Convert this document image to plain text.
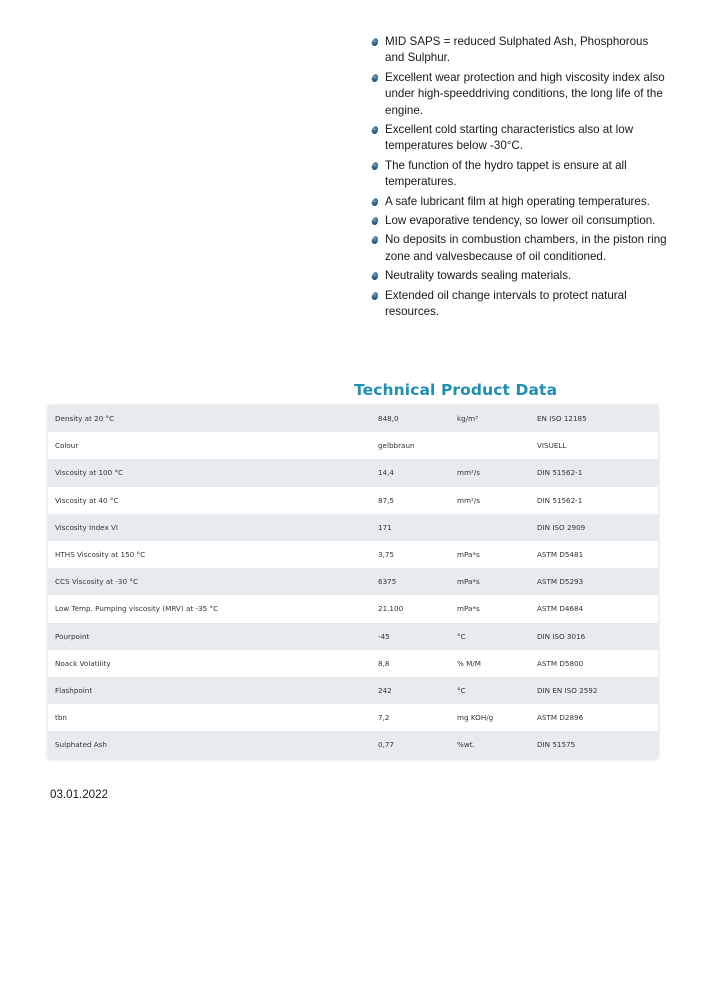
MID SAPS = reduced Sulphated Ash, Phosphorous and Sulphur.
Excellent wear protection and high viscosity index also under high-speeddriving conditions, the long life of the engine.
Excellent cold starting characteristics also at low temperatures below -30°C.
The function of the hydro tappet is ensure at all temperatures.
A safe lubricant film at high operating temperatures.
Low evaporative tendency, so lower oil consumption.
No deposits in combustion chambers, in the piston ring zone and valvesbecause of oil conditioned.
Neutrality towards sealing materials.
Extended oil change intervals to protect natural resources.
Technical Product Data
Density at 20 °C	848,0	kg/m³	EN ISO 12185
Colour	gelbbraun		VISUELL
Viscosity at 100 °C	14,4	mm²/s	DIN 51562-1
Viscosity at 40 °C	87,5	mm²/s	DIN 51562-1
Viscosity Index VI	171		DIN ISO 2909
HTHS Viscosity at 150 °C	3,75	mPa*s	ASTM D5481
CCS Viscosity at -30 °C	6375	mPa*s	ASTM D5293
Low Temp. Pumping viscosity (MRV) at -35 °C	21.100	mPa*s	ASTM D4684
Pourpoint	-45	°C	DIN ISO 3016
Noack Volatility	8,8	% M/M	ASTM D5800
Flashpoint	242	°C	DIN EN ISO 2592
tbn	7,2	mg KOH/g	ASTM D2896
Sulphated Ash	0,77	%wt.	DIN 51575
03.01.2022
